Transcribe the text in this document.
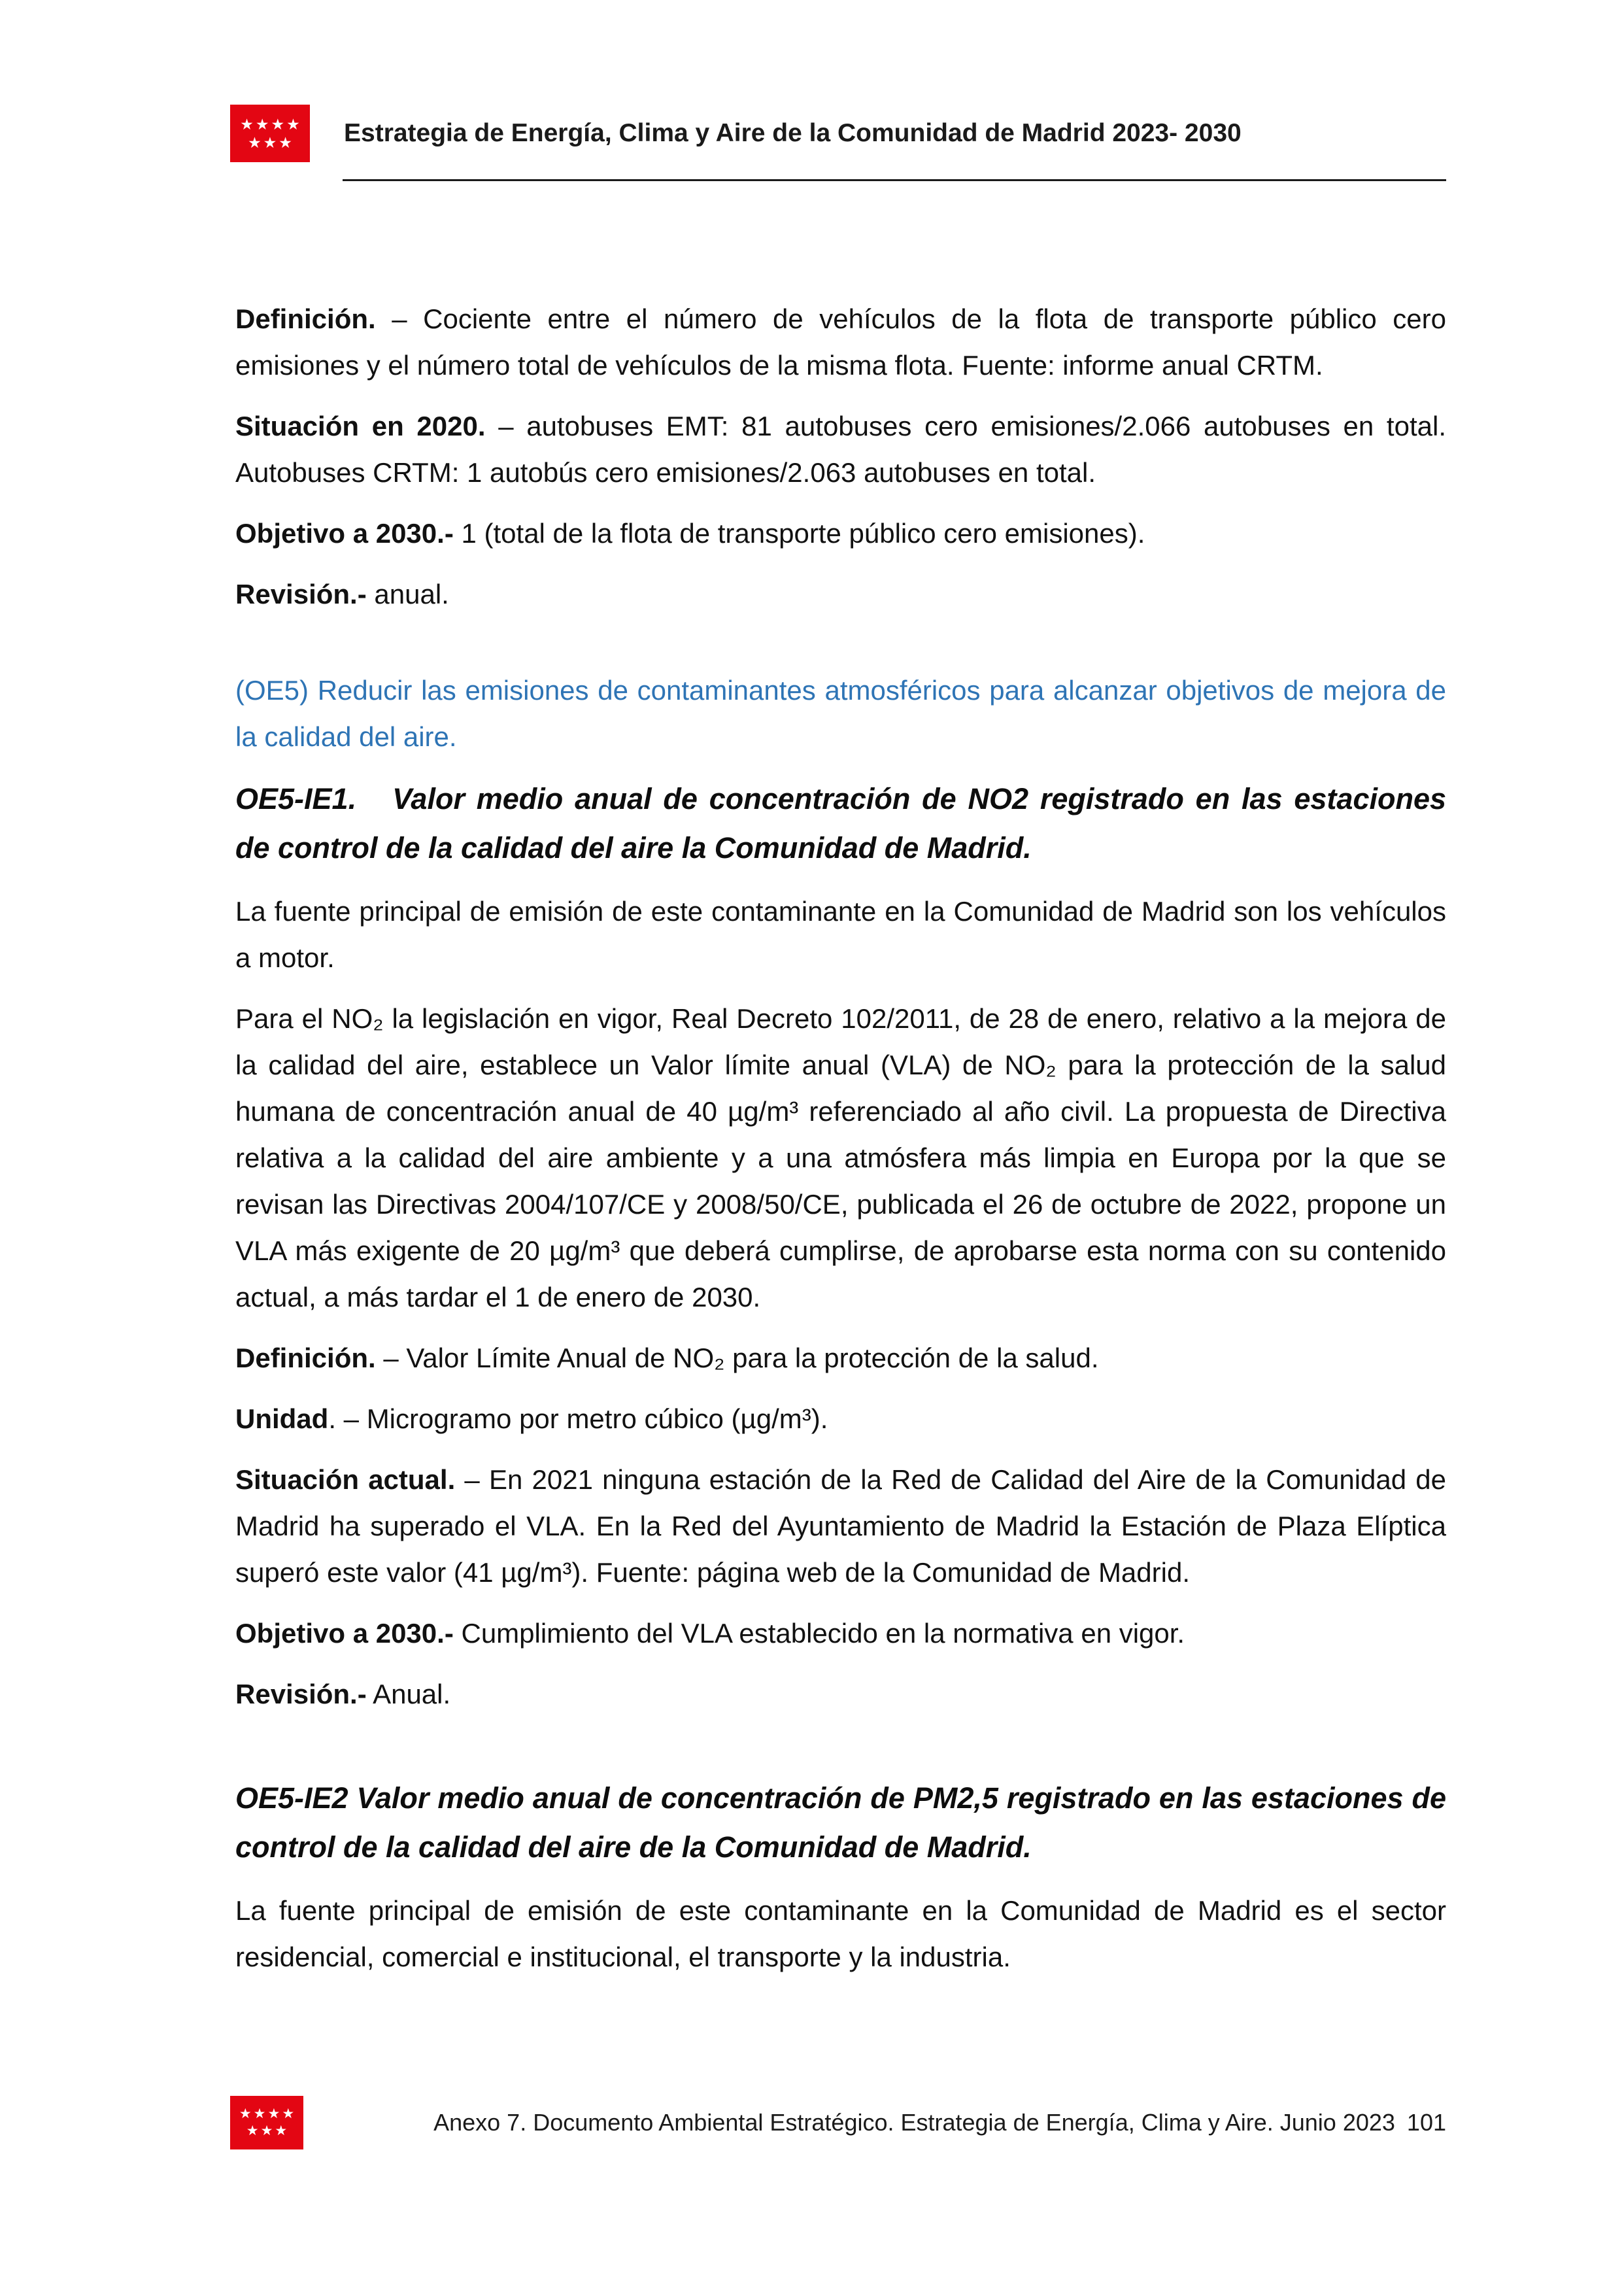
★★★★
★★★ Estrategia de Energía, Clima y Aire de la Comunidad de Madrid 2023- 2030

Definición. – Cociente entre el número de vehículos de la flota de transporte público cero emisiones y el número total de vehículos de la misma flota. Fuente: informe anual CRTM.

Situación en 2020. – autobuses EMT: 81 autobuses cero emisiones/2.066 autobuses en total. Autobuses CRTM: 1 autobús cero emisiones/2.063 autobuses en total.

Objetivo a 2030.- 1 (total de la flota de transporte público cero emisiones).

Revisión.- anual.

(OE5) Reducir las emisiones de contaminantes atmosféricos para alcanzar objetivos de mejora de la calidad del aire.

OE5-IE1. Valor medio anual de concentración de NO2 registrado en las estaciones de control de la calidad del aire la Comunidad de Madrid.

La fuente principal de emisión de este contaminante en la Comunidad de Madrid son los vehículos a motor.

Para el NO₂ la legislación en vigor, Real Decreto 102/2011, de 28 de enero, relativo a la mejora de la calidad del aire, establece un Valor límite anual (VLA) de NO₂ para la protección de la salud humana de concentración anual de 40 µg/m³ referenciado al año civil. La propuesta de Directiva relativa a la calidad del aire ambiente y a una atmósfera más limpia en Europa por la que se revisan las Directivas 2004/107/CE y 2008/50/CE, publicada el 26 de octubre de 2022, propone un VLA más exigente de 20 µg/m³ que deberá cumplirse, de aprobarse esta norma con su contenido actual, a más tardar el 1 de enero de 2030.

Definición. – Valor Límite Anual de NO₂ para la protección de la salud.

Unidad. – Microgramo por metro cúbico (µg/m³).

Situación actual. – En 2021 ninguna estación de la Red de Calidad del Aire de la Comunidad de Madrid ha superado el VLA. En la Red del Ayuntamiento de Madrid la Estación de Plaza Elíptica superó este valor (41 µg/m³). Fuente: página web de la Comunidad de Madrid.

Objetivo a 2030.- Cumplimiento del VLA establecido en la normativa en vigor.

Revisión.- Anual.

OE5-IE2 Valor medio anual de concentración de PM2,5 registrado en las estaciones de control de la calidad del aire de la Comunidad de Madrid.

La fuente principal de emisión de este contaminante en la Comunidad de Madrid es el sector residencial, comercial e institucional, el transporte y la industria.

★★★★
★★★	Anexo 7. Documento Ambiental Estratégico. Estrategia de Energía, Clima y Aire. Junio 2023 101
